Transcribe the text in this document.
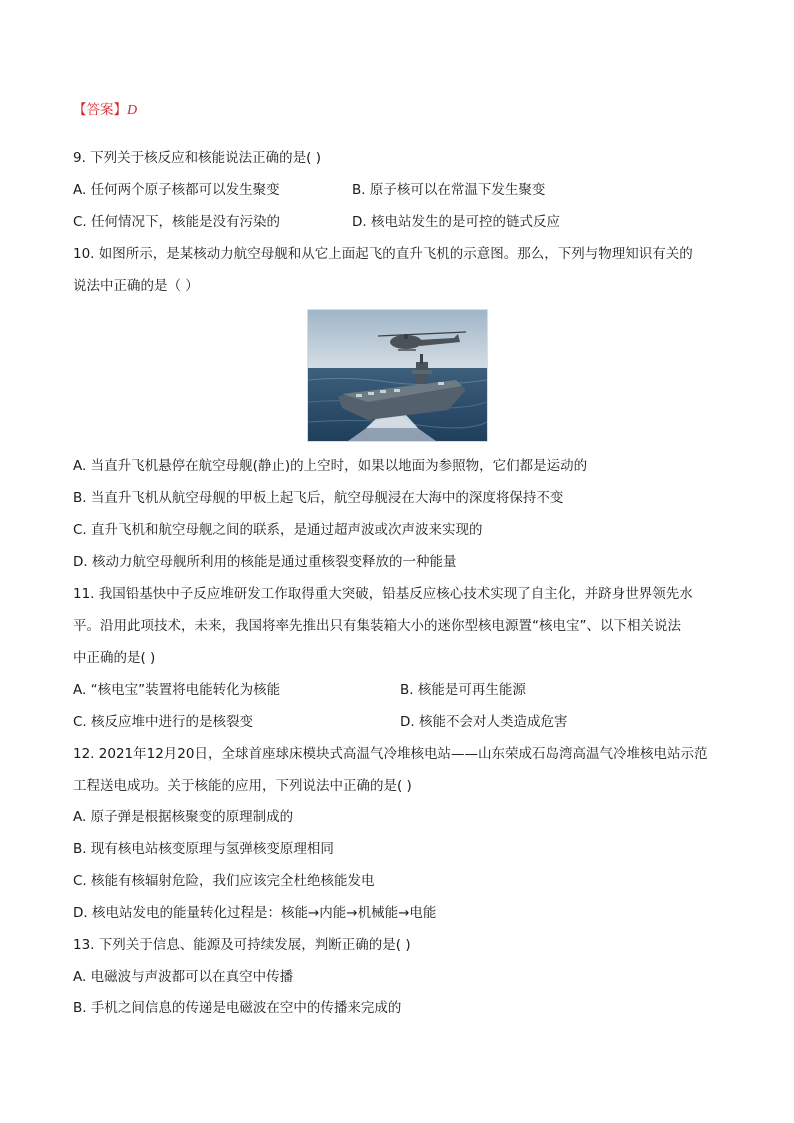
【答案】D
9. 下列关于核反应和核能说法正确的是( )
A. 任何两个原子核都可以发生聚变	B. 原子核可以在常温下发生聚变
C. 任何情况下，核能是没有污染的	D. 核电站发生的是可控的链式反应
10. 如图所示，是某核动力航空母舰和从它上面起飞的直升飞机的示意图。那么，下列与物理知识有关的
说法中正确的是（ ）
A. 当直升飞机悬停在航空母舰(静止)的上空时，如果以地面为参照物，它们都是运动的
B. 当直升飞机从航空母舰的甲板上起飞后，航空母舰浸在大海中的深度将保持不变
C. 直升飞机和航空母舰之间的联系，是通过超声波或次声波来实现的
D. 核动力航空母舰所利用的核能是通过重核裂变释放的一种能量
11. 我国铅基快中子反应堆研发工作取得重大突破，铅基反应核心技术实现了自主化，并跻身世界领先水
平。沿用此项技术，未来，我国将率先推出只有集装箱大小的迷你型核电源置“核电宝”、以下相关说法
中正确的是( )
A. “核电宝”装置将电能转化为核能	B. 核能是可再生能源
C. 核反应堆中进行的是核裂变	D. 核能不会对人类造成危害
12. 2021年12月20日，全球首座球床模块式高温气冷堆核电站——山东荣成石岛湾高温气冷堆核电站示范
工程送电成功。关于核能的应用，下列说法中正确的是( )
A. 原子弹是根据核聚变的原理制成的
B. 现有核电站核变原理与氢弹核变原理相同
C. 核能有核辐射危险，我们应该完全杜绝核能发电
D. 核电站发电的能量转化过程是：核能→内能→机械能→电能
13. 下列关于信息、能源及可持续发展，判断正确的是( )
A. 电磁波与声波都可以在真空中传播
B. 手机之间信息的传递是电磁波在空中的传播来完成的
